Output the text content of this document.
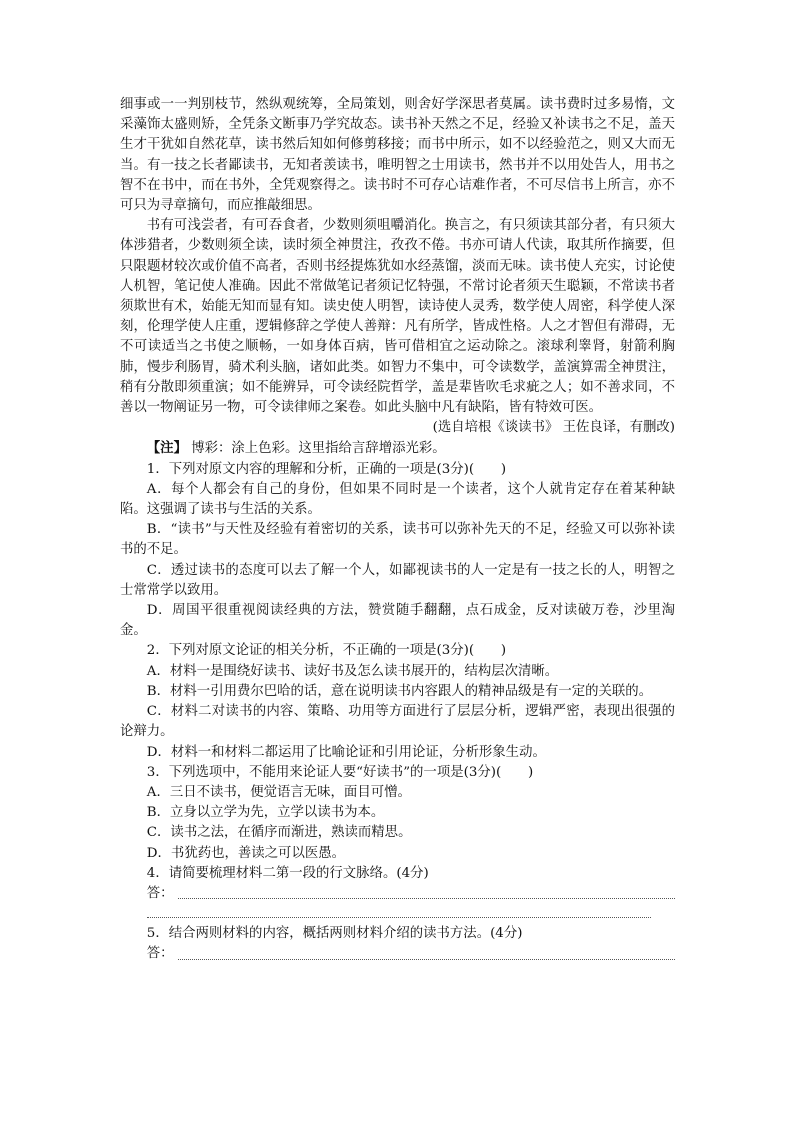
细事或一一判别枝节，然纵观统筹，全局策划，则舍好学深思者莫属。读书费时过多易惰，文采藻饰太盛则矫，全凭条文断事乃学究故态。读书补天然之不足，经验又补读书之不足，盖天生才干犹如自然花草，读书然后知如何修剪移接；而书中所示，如不以经验范之，则又大而无当。有一技之长者鄙读书，无知者羡读书，唯明智之士用读书，然书并不以用处告人，用书之智不在书中，而在书外，全凭观察得之。读书时不可存心诘难作者，不可尽信书上所言，亦不可只为寻章摘句，而应推敲细思。

书有可浅尝者，有可吞食者，少数则须咀嚼消化。换言之，有只须读其部分者，有只须大体涉猎者，少数则须全读，读时须全神贯注，孜孜不倦。书亦可请人代读，取其所作摘要，但只限题材较次或价值不高者，否则书经提炼犹如水经蒸馏，淡而无味。读书使人充实，讨论使人机智，笔记使人准确。因此不常做笔记者须记忆特强，不常讨论者须天生聪颖，不常读书者须欺世有术，始能无知而显有知。读史使人明智，读诗使人灵秀，数学使人周密，科学使人深刻，伦理学使人庄重，逻辑修辞之学使人善辩：凡有所学，皆成性格。人之才智但有滞碍，无不可读适当之书使之顺畅，一如身体百病，皆可借相宜之运动除之。滚球利睾肾，射箭利胸肺，慢步利肠胃，骑术利头脑，诸如此类。如智力不集中，可令读数学，盖演算需全神贯注，稍有分散即须重演；如不能辨异，可令读经院哲学，盖是辈皆吹毛求疵之人；如不善求同，不善以一物阐证另一物，可令读律师之案卷。如此头脑中凡有缺陷，皆有特效可医。

(选自培根《谈读书》 王佐良译，有删改)

【注】 博彩：涂上色彩。这里指给言辞增添光彩。

1．下列对原文内容的理解和分析，正确的一项是(3分)(　　)

A．每个人都会有自己的身份，但如果不同时是一个读者，这个人就肯定存在着某种缺陷。这强调了读书与生活的关系。

B．“读书”与天性及经验有着密切的关系，读书可以弥补先天的不足，经验又可以弥补读书的不足。

C．透过读书的态度可以去了解一个人，如鄙视读书的人一定是有一技之长的人，明智之士常常学以致用。

D．周国平很重视阅读经典的方法，赞赏随手翻翻，点石成金，反对读破万卷，沙里淘金。

2．下列对原文论证的相关分析，不正确的一项是(3分)(　　)

A．材料一是围绕好读书、读好书及怎么读书展开的，结构层次清晰。

B．材料一引用费尔巴哈的话，意在说明读书内容跟人的精神品级是有一定的关联的。

C．材料二对读书的内容、策略、功用等方面进行了层层分析，逻辑严密，表现出很强的论辩力。

D．材料一和材料二都运用了比喻论证和引用论证，分析形象生动。

3．下列选项中，不能用来论证人要“好读书”的一项是(3分)(　　)

A．三日不读书，便觉语言无味，面目可憎。

B．立身以立学为先，立学以读书为本。

C．读书之法，在循序而渐进，熟读而精思。

D．书犹药也，善读之可以医愚。

4．请简要梳理材料二第一段的行文脉络。(4分)

答：

5．结合两则材料的内容，概括两则材料介绍的读书方法。(4分)

答：
